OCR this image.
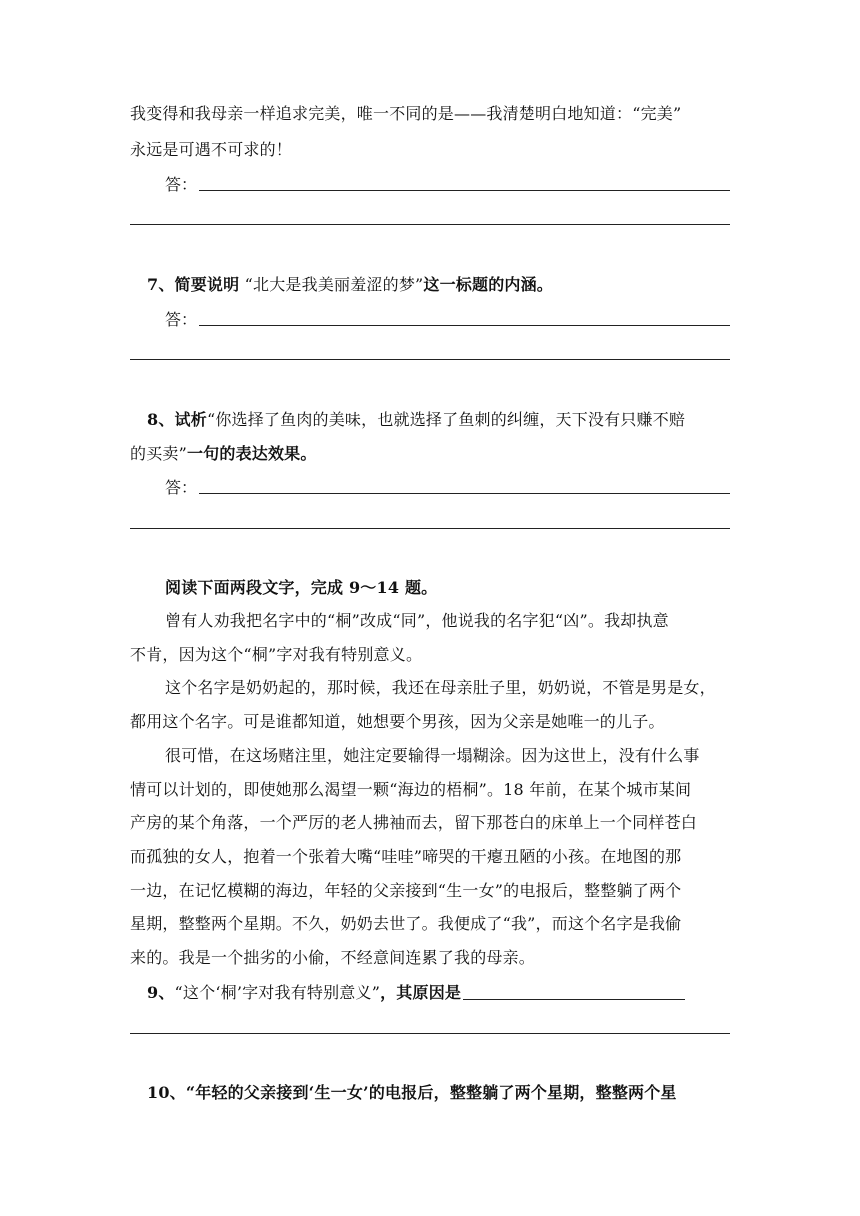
我变得和我母亲一样追求完美，唯一不同的是——我清楚明白地知道：“完美”
永远是可遇不可求的！
答：
7、简要说明 “北大是我美丽羞涩的梦”这一标题的内涵。
答：
8、试析“你选择了鱼肉的美味，也就选择了鱼刺的纠缠，天下没有只赚不赔
的买卖”一句的表达效果。
答：
阅读下面两段文字，完成 9～14 题。
曾有人劝我把名字中的“桐”改成“同”，他说我的名字犯“凶”。我却执意
不肯，因为这个“桐”字对我有特别意义。
这个名字是奶奶起的，那时候，我还在母亲肚子里，奶奶说，不管是男是女，
都用这个名字。可是谁都知道，她想要个男孩，因为父亲是她唯一的儿子。
很可惜，在这场赌注里，她注定要输得一塌糊涂。因为这世上，没有什么事
情可以计划的，即使她那么渴望一颗“海边的梧桐”。18 年前，在某个城市某间
产房的某个角落，一个严厉的老人拂袖而去，留下那苍白的床单上一个同样苍白
而孤独的女人，抱着一个张着大嘴“哇哇”啼哭的干瘪丑陋的小孩。在地图的那
一边，在记忆模糊的海边，年轻的父亲接到“生一女”的电报后，整整躺了两个
星期，整整两个星期。不久，奶奶去世了。我便成了“我”，而这个名字是我偷
来的。我是一个拙劣的小偷，不经意间连累了我的母亲。
9、“这个‘桐’字对我有特别意义”，其原因是
10、“年轻的父亲接到‘生一女’的电报后，整整躺了两个星期，整整两个星
